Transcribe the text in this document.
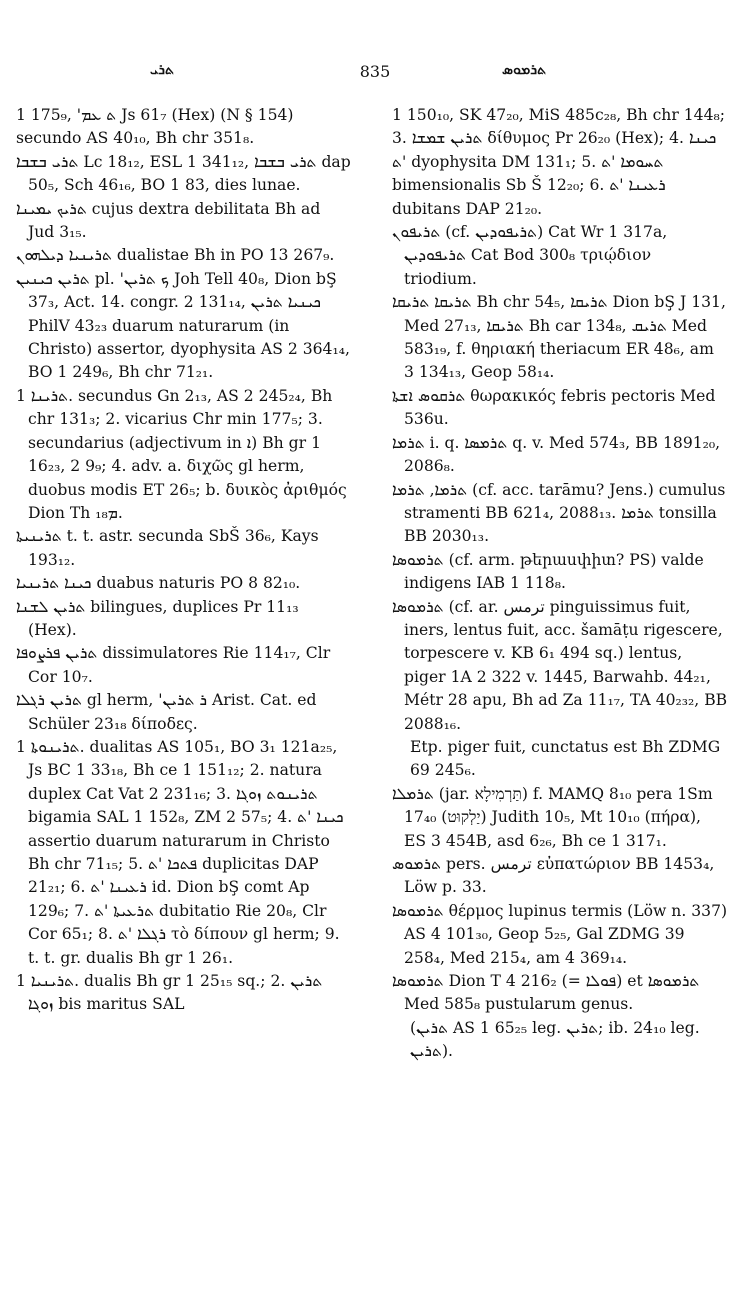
ܬܪܝ	835	ܬܪܡܘܣ
1 175₉, 'ܬ ܥܡ Js 61₇ (Hex) (N § 154) secundo AS 40₁₀, Bh chr 351₈.
ܬܪܝ ܒܫܒܐ Lc 18₁₂, ESL 1 341₁₂, ܬܪܝ ܒܫܒܐ dap 50₅, Sch 46₁₆, BO 1 83, dies lunae.
ܬܪܝܟ ܝܡܝܢܐ cujus dextra debilitata Bh ad Jud 3₁₅.
ܬܪܝܢܝܐ ܕܝܠܗܘܢ dualistae Bh in PO 13 267₉.
ܬܪܝܢ ܟܝܢܝܢ pl. 'ܟ ܬܪܝܢ Joh Tell 40₈, Dion bŞ 37₃, Act. 14. congr. 2 131₁₄, ܟܝܢܝܐ ܬܪܝܢ PhilV 43₂₃ duarum naturarum (in Christo) assertor, dyophysita AS 2 364₁₄, BO 1 249₆, Bh chr 71₂₁.
ܬܪܝܢܐ 1. secundus Gn 2₁₃, AS 2 245₂₄, Bh chr 131₃; 2. vicarius Chr min 177₅; 3. secundarius (adjectivum in ܐ) Bh gr 1 16₂₃, 2 9₉; 4. adv. a. διχῶς gl herm, duobus modis ET 26₅; b. δυικὸς ἀριθμός Dion Th ܡ₁₈.
ܬܪܝܢܝܬܐ t. t. astr. secunda SbŠ 36₆, Kays 193₁₂.
ܟܝܢܐ ܬܪܝܢܝܐ duabus naturis PO 8 82₁₀.
ܬܪܝܢ ܠܫܢܐ bilingues, duplices Pr 11₁₃ (Hex).
ܬܪܝܢ ܦܪܨܘܦܐ dissimulatores Rie 114₁₇, Clr Cor 10₇.
ܬܪܝܢ ܪܓܠܐ gl herm, 'ܪ ܬܪܝܢ Arist. Cat. ed Schüler 23₁₈ δίποδες.
ܬܪܝܢܘܬܐ 1. dualitas AS 105₁, BO 3₁ 121a₂₅, Js BC 1 33₁₈, Bh ce 1 151₁₂; 2. natura duplex Cat Vat 2 231₁₆; 3. ܬܪܝܢܘܬ ܙܘܓܐ bigamia SAL 1 152₈, ZM 2 57₅; 4. ܟܝܢܐ 'ܬ assertio duarum naturarum in Christo Bh chr 71₁₅; 5. ܦܬܟܐ 'ܬ duplicitas DAP 21₂₁; 6. ܪܥܝܢܐ 'ܬ id. Dion bŞ comt Ap 129₆; 7. ܬܪܥܝܬܐ 'ܬ dubitatio Rie 20₈, Clr Cor 65₁; 8. ܪܓܠܐ 'ܬ τὸ δίπουν gl herm; 9. t. t. gr. dualis Bh gr 1 26₁.
ܬܪܝܢܝܐ 1. dualis Bh gr 1 25₁₅ sq.; 2. ܬܪܝܢ ܙܘܓܐ bis maritus SAL
1 150₁₀, SK 47₂₀, MiS 485c₂₈, Bh chr 144₈; 3. ܬܪܝܢ ܫܡܫܐ δίθυμος Pr 26₂₀ (Hex); 4. ܟܝܢܐ 'ܬ dyophysita DM 131₁; 5. ܬܚܘܡܐ 'ܬ bimensionalis Sb Š 12₂₀; 6. ܪܥܝܢܐ 'ܬ dubitans DAP 21₂₀.
ܬܪܝܦܘܢ (cf. ܬܪܝܦܘܕܝܢ) Cat Wr 1 317a, ܬܪܝܦܘܕܝܢ Cat Bod 300₈ τριῴδιον triodium.
ܬܪܝܩܐ ܬܪܝܩܐ Bh chr 54₅, ܬܪܝܩܐ Dion bŞ J 131, Med 27₁₃, ܬܪܝܩܐ Bh car 134₈, ܬܪܝܩ Med 583₁₉, f. θηριακή theriacum ER 48₆, am 3 134₁₃, Geop 58₁₄.
ܬܪܩܘܣ ܐܫܬܐ θωρακικός febris pectoris Med 536u.
ܬܪܡܐ i. q. ܬܪܡܣܐ q. v. Med 574₃, BB 1891₂₀, 2086₈.
ܬܪܡܐ, ܬܪܡܐ (cf. acc. tarāmu? Jens.) cumulus stramenti BB 621₄, 2088₁₃. ܬܪܡܐ tonsilla BB 2030₁₃.
ܬܪܡܘܣܐ (cf. arm. թերասփիտ? PS) valde indigens IAB 1 118₈.
ܬܪܡܘܣܐ (cf. ar. ترمس pinguissimus fuit, iners, lentus fuit, acc. šamāṭu rigescere, torpescere v. KB 6₁ 494 sq.) lentus, piger 1A 2 322 v. 1445, Barwahb. 44₂₁, Métr 28 apu, Bh ad Za 11₁₇, TA 40₂₃₂, BB 2088₁₆.
Etp. piger fuit, cunctatus est Bh ZDMG 69 245₆.
ܬܪܡܠܐ (jar. תַּרְמִילָא) f. MAMQ 8₁₀ pera 1Sm 17₄₀ (יַלְקוּט) Judith 10₅, Mt 10₁₀ (πήρα), ES 3 454B, asd 6₂₆, Bh ce 1 317₁.
ܬܪܡܘܣ pers. ترمس εὐπατώριον BB 1453₄, Löw p. 33.
ܬܪܡܘܣܐ θέρμος lupinus termis (Löw n. 337) AS 4 101₃₀, Geop 5₂₅, Gal ZDMG 39 258₄, Med 215₄, am 4 369₁₄.
ܬܪܡܘܣܐ Dion T 4 216₂ (= ܦܘܠܐ) et ܬܪܡܘܣܐ Med 585₈ pustularum genus.
(ܬܪܝܢ AS 1 65₂₅ leg. ܬܪܝܢ; ib. 24₁₀ leg. ܬܪܝܢ).
